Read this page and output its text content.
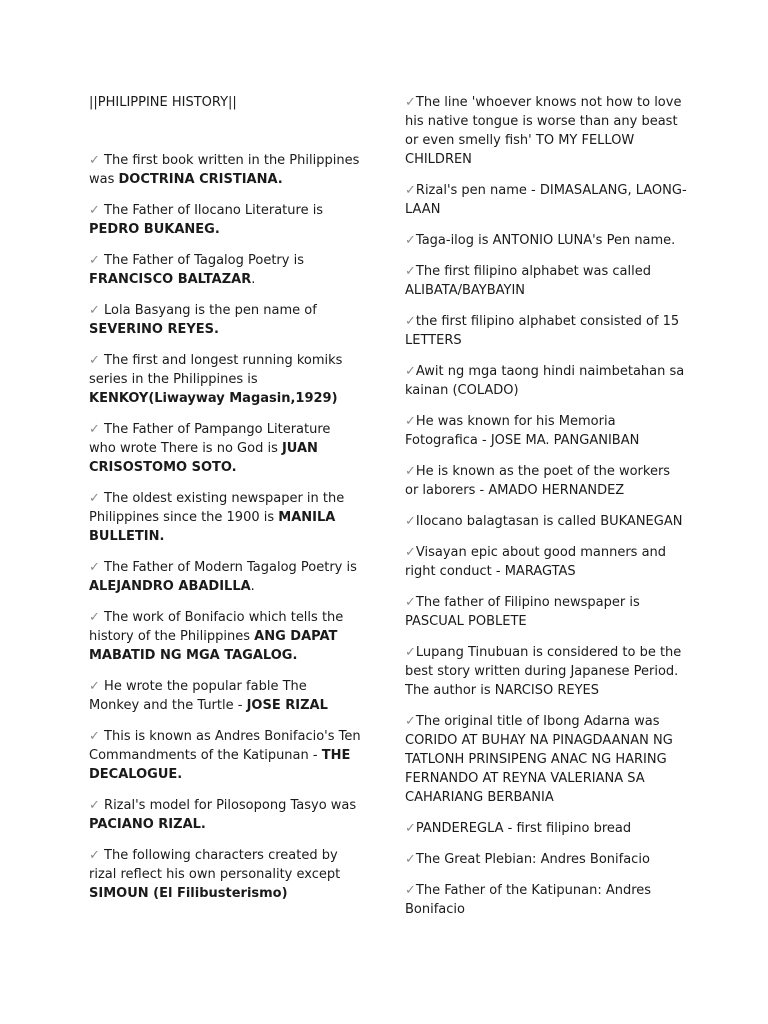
||PHILIPPINE HISTORY||

✓ The first book written in the Philippines was DOCTRINA CRISTIANA.

✓ The Father of Ilocano Literature is PEDRO BUKANEG.

✓ The Father of Tagalog Poetry is FRANCISCO BALTAZAR.

✓ Lola Basyang is the pen name of SEVERINO REYES.

✓ The first and longest running komiks series in the Philippines is KENKOY(Liwayway Magasin,1929)

✓ The Father of Pampango Literature who wrote There is no God is JUAN CRISOSTOMO SOTO.

✓ The oldest existing newspaper in the Philippines since the 1900 is MANILA BULLETIN.

✓ The Father of Modern Tagalog Poetry is ALEJANDRO ABADILLA.

✓ The work of Bonifacio which tells the history of the Philippines ANG DAPAT MABATID NG MGA TAGALOG.

✓ He wrote the popular fable The Monkey and the Turtle - JOSE RIZAL

✓ This is known as Andres Bonifacio's Ten Commandments of the Katipunan - THE DECALOGUE.

✓ Rizal's model for Pilosopong Tasyo was PACIANO RIZAL.

✓ The following characters created by rizal reflect his own personality except SIMOUN (El Filibusterismo)

✓The line 'whoever knows not how to love his native tongue is worse than any beast or even smelly fish' TO MY FELLOW CHILDREN

✓Rizal's pen name - DIMASALANG, LAONG-LAAN

✓Taga-ilog is ANTONIO LUNA's Pen name.

✓The first filipino alphabet was called ALIBATA/BAYBAYIN

✓the first filipino alphabet consisted of 15 LETTERS

✓Awit ng mga taong hindi naimbetahan sa kainan (COLADO)

✓He was known for his Memoria Fotografica - JOSE MA. PANGANIBAN

✓He is known as the poet of the workers or laborers - AMADO HERNANDEZ

✓Ilocano balagtasan is called BUKANEGAN

✓Visayan epic about good manners and right conduct - MARAGTAS

✓The father of Filipino newspaper is PASCUAL POBLETE

✓Lupang Tinubuan is considered to be the best story written during Japanese Period. The author is NARCISO REYES

✓The original title of Ibong Adarna was CORIDO AT BUHAY NA PINAGDAANAN NG TATLONH PRINSIPENG ANAC NG HARING FERNANDO AT REYNA VALERIANA SA CAHARIANG BERBANIA

✓PANDEREGLA - first filipino bread

✓The Great Plebian: Andres Bonifacio

✓The Father of the Katipunan: Andres Bonifacio
